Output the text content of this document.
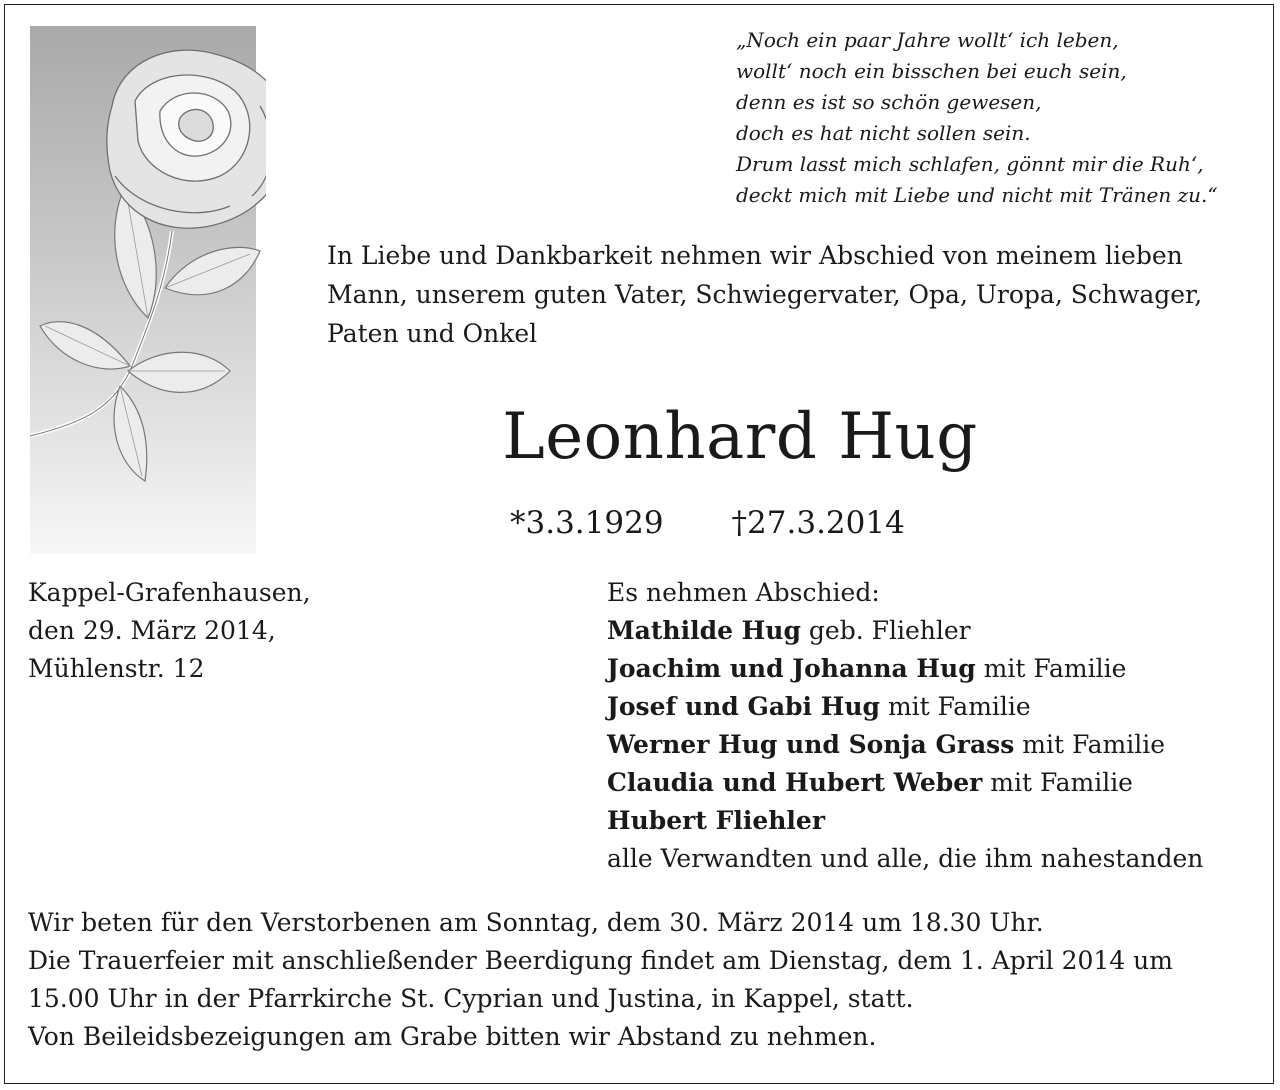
„Noch ein paar Jahre wollt‘ ich leben,
wollt‘ noch ein bisschen bei euch sein,
denn es ist so schön gewesen,
doch es hat nicht sollen sein.
Drum lasst mich schlafen, gönnt mir die Ruh‘,
deckt mich mit Liebe und nicht mit Tränen zu.“
In Liebe und Dankbarkeit nehmen wir Abschied von meinem lieben
Mann, unserem guten Vater, Schwiegervater, Opa, Uropa, Schwager,
Paten und Onkel
Leonhard Hug
*3.3.1929 †27.3.2014
Kappel-Grafenhausen,
den 29. März 2014,
Mühlenstr. 12
Es nehmen Abschied:
Mathilde Hug geb. Fliehler
Joachim und Johanna Hug mit Familie
Josef und Gabi Hug mit Familie
Werner Hug und Sonja Grass mit Familie
Claudia und Hubert Weber mit Familie
Hubert Fliehler
alle Verwandten und alle, die ihm nahestanden
Wir beten für den Verstorbenen am Sonntag, dem 30. März 2014 um 18.30 Uhr.
Die Trauerfeier mit anschließender Beerdigung findet am Dienstag, dem 1. April 2014 um
15.00 Uhr in der Pfarrkirche St. Cyprian und Justina, in Kappel, statt.
Von Beileidsbezeigungen am Grabe bitten wir Abstand zu nehmen.
